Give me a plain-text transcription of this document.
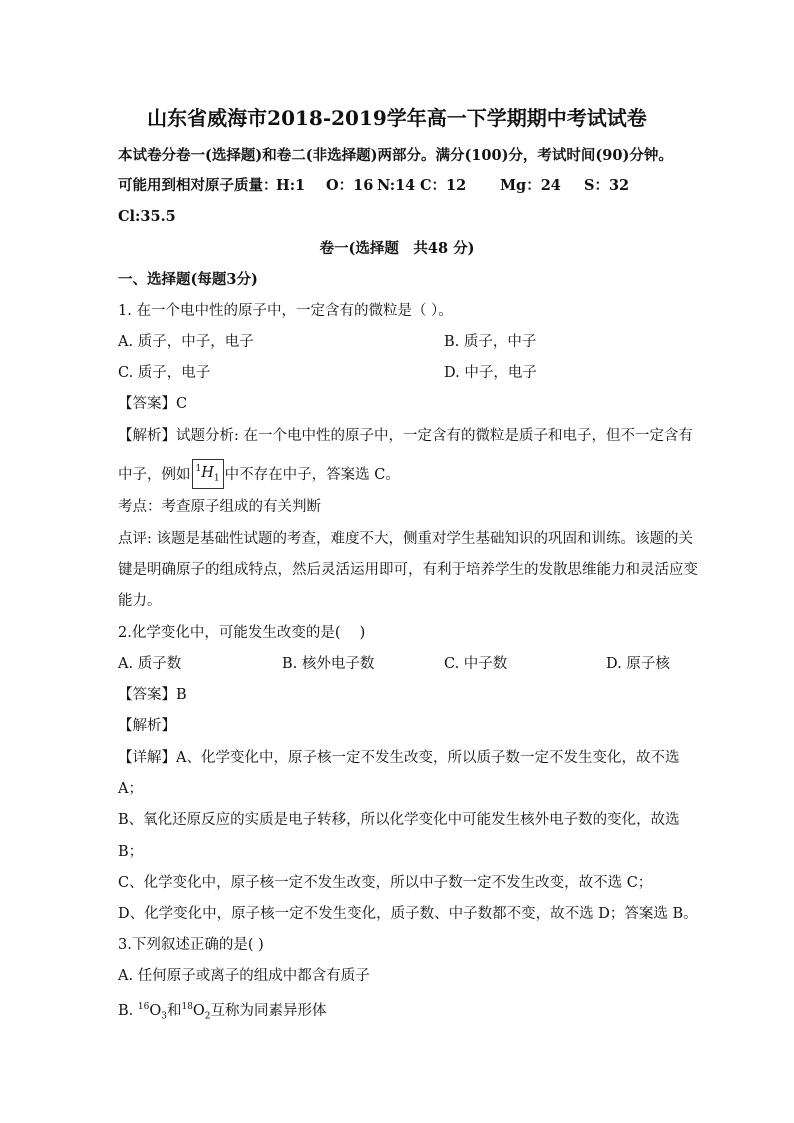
山东省威海市2018-2019学年高一下学期期中考试试卷
本试卷分卷一(选择题)和卷二(非选择题)两部分。满分(100)分，考试时间(90)分钟。
可能用到相对原子质量：
H:1 O：16 N:14 C：12 Mg：24 S：32
Cl:35.5
卷一(选择题　共48 分)
一、选择题(每题3分)
1. 在一个电中性的原子中，一定含有的微粒是（ ）。
A. 质子，中子，电子	B. 质子，中子
C. 质子，电子	D. 中子，电子
【答案】C
【解析】试题分析: 在一个电中性的原子中，一定含有的微粒是质子和电子，但不一定含有
中子，例如 $^1H_1$ 中不存在中子，答案选 C。
考点：考查原子组成的有关判断
点评: 该题是基础性试题的考查，难度不大，侧重对学生基础知识的巩固和训练。该题的关
键是明确原子的组成特点，然后灵活运用即可，有利于培养学生的发散思维能力和灵活应变
能力。
2.化学变化中，可能发生改变的是(　 )
A. 质子数	B. 核外电子数	C. 中子数	D. 原子核
【答案】B
【解析】
【详解】A、化学变化中，原子核一定不发生改变，所以质子数一定不发生变化，故不选
A；
B、氧化还原反应的实质是电子转移，所以化学变化中可能发生核外电子数的变化，故选
B；
C、化学变化中，原子核一定不发生改变，所以中子数一定不发生改变，故不选 C；
D、化学变化中，原子核一定不发生变化，质子数、中子数都不变，故不选 D；答案选 B。
3.下列叙述正确的是( )
A. 任何原子或离子的组成中都含有质子
B. $^{16}O_3$和$^{18}O_2$互称为同素异形体
